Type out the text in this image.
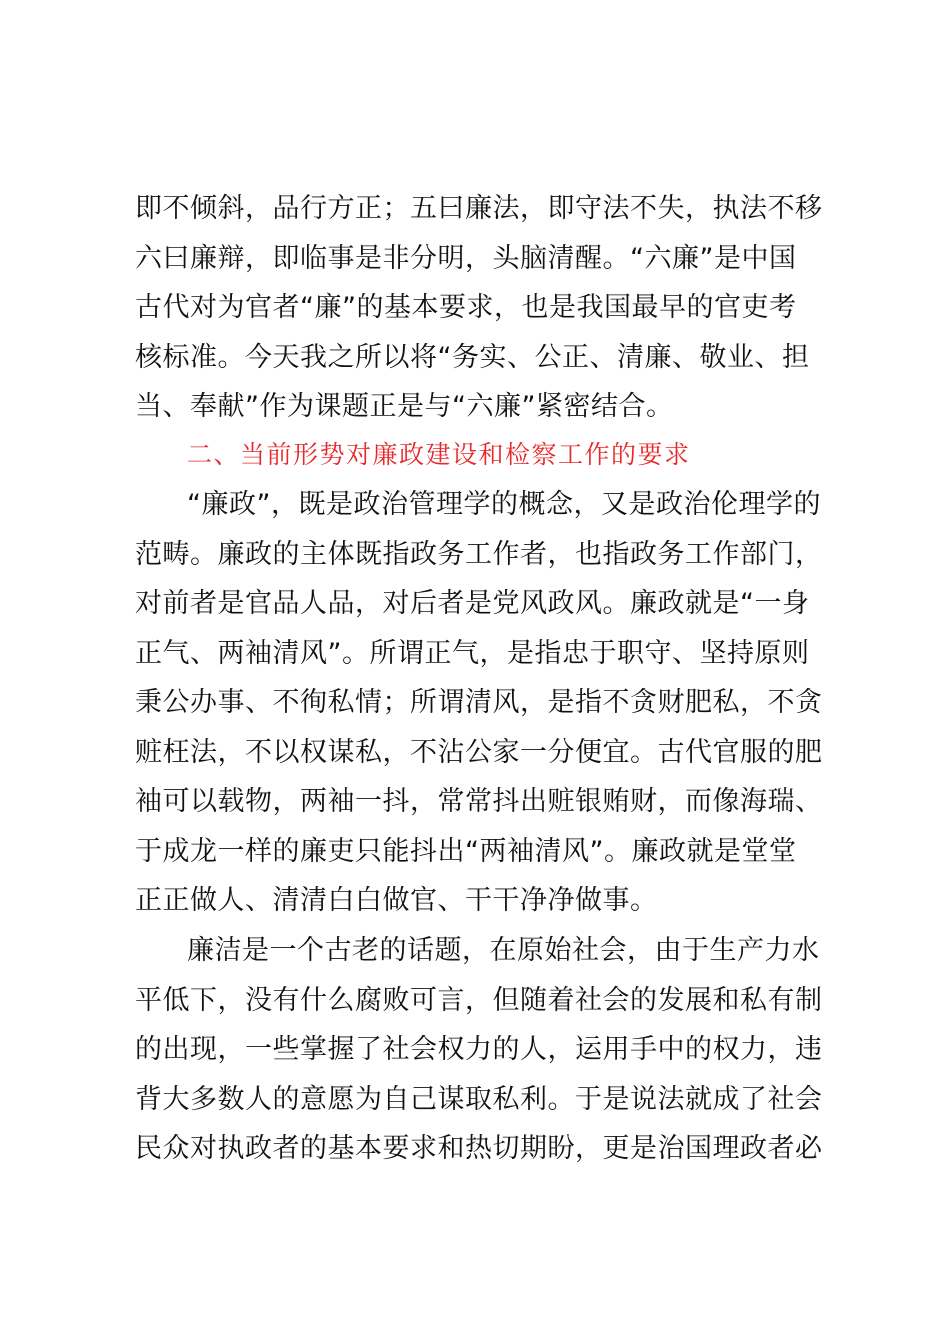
即不倾斜，品行方正；五曰廉法，即守法不失，执法不移
六曰廉辩，即临事是非分明，头脑清醒。“六廉”是中国
古代对为官者“廉”的基本要求，也是我国最早的官吏考
核标准。今天我之所以将“务实、公正、清廉、敬业、担
当、奉献”作为课题正是与“六廉”紧密结合。
二、当前形势对廉政建设和检察工作的要求
“廉政”，既是政治管理学的概念，又是政治伦理学的
范畴。廉政的主体既指政务工作者，也指政务工作部门，
对前者是官品人品，对后者是党风政风。廉政就是“一身
正气、两袖清风”。所谓正气，是指忠于职守、坚持原则
秉公办事、不徇私情；所谓清风，是指不贪财肥私，不贪
赃枉法，不以权谋私，不沾公家一分便宜。古代官服的肥
袖可以载物，两袖一抖，常常抖出赃银贿财，而像海瑞、
于成龙一样的廉吏只能抖出“两袖清风”。廉政就是堂堂
正正做人、清清白白做官、干干净净做事。
廉洁是一个古老的话题，在原始社会，由于生产力水
平低下，没有什么腐败可言，但随着社会的发展和私有制
的出现，一些掌握了社会权力的人，运用手中的权力，违
背大多数人的意愿为自己谋取私利。于是说法就成了社会
民众对执政者的基本要求和热切期盼，更是治国理政者必
